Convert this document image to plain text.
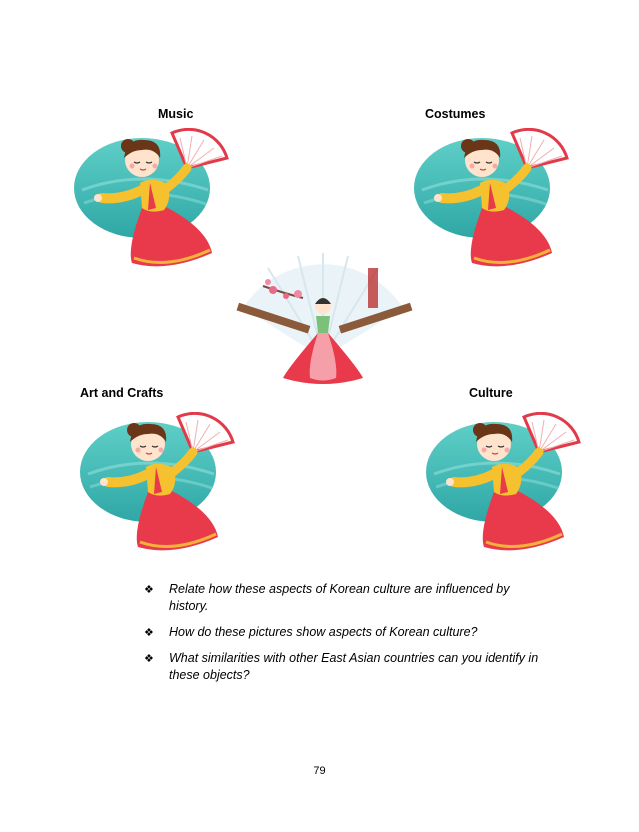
Music	Costumes
Art and Crafts	Culture
❖ Relate how these aspects of Korean culture are influenced by history.
❖ How do these pictures show aspects of Korean culture?
❖ What similarities with other East Asian countries can you identify in these objects?
79
